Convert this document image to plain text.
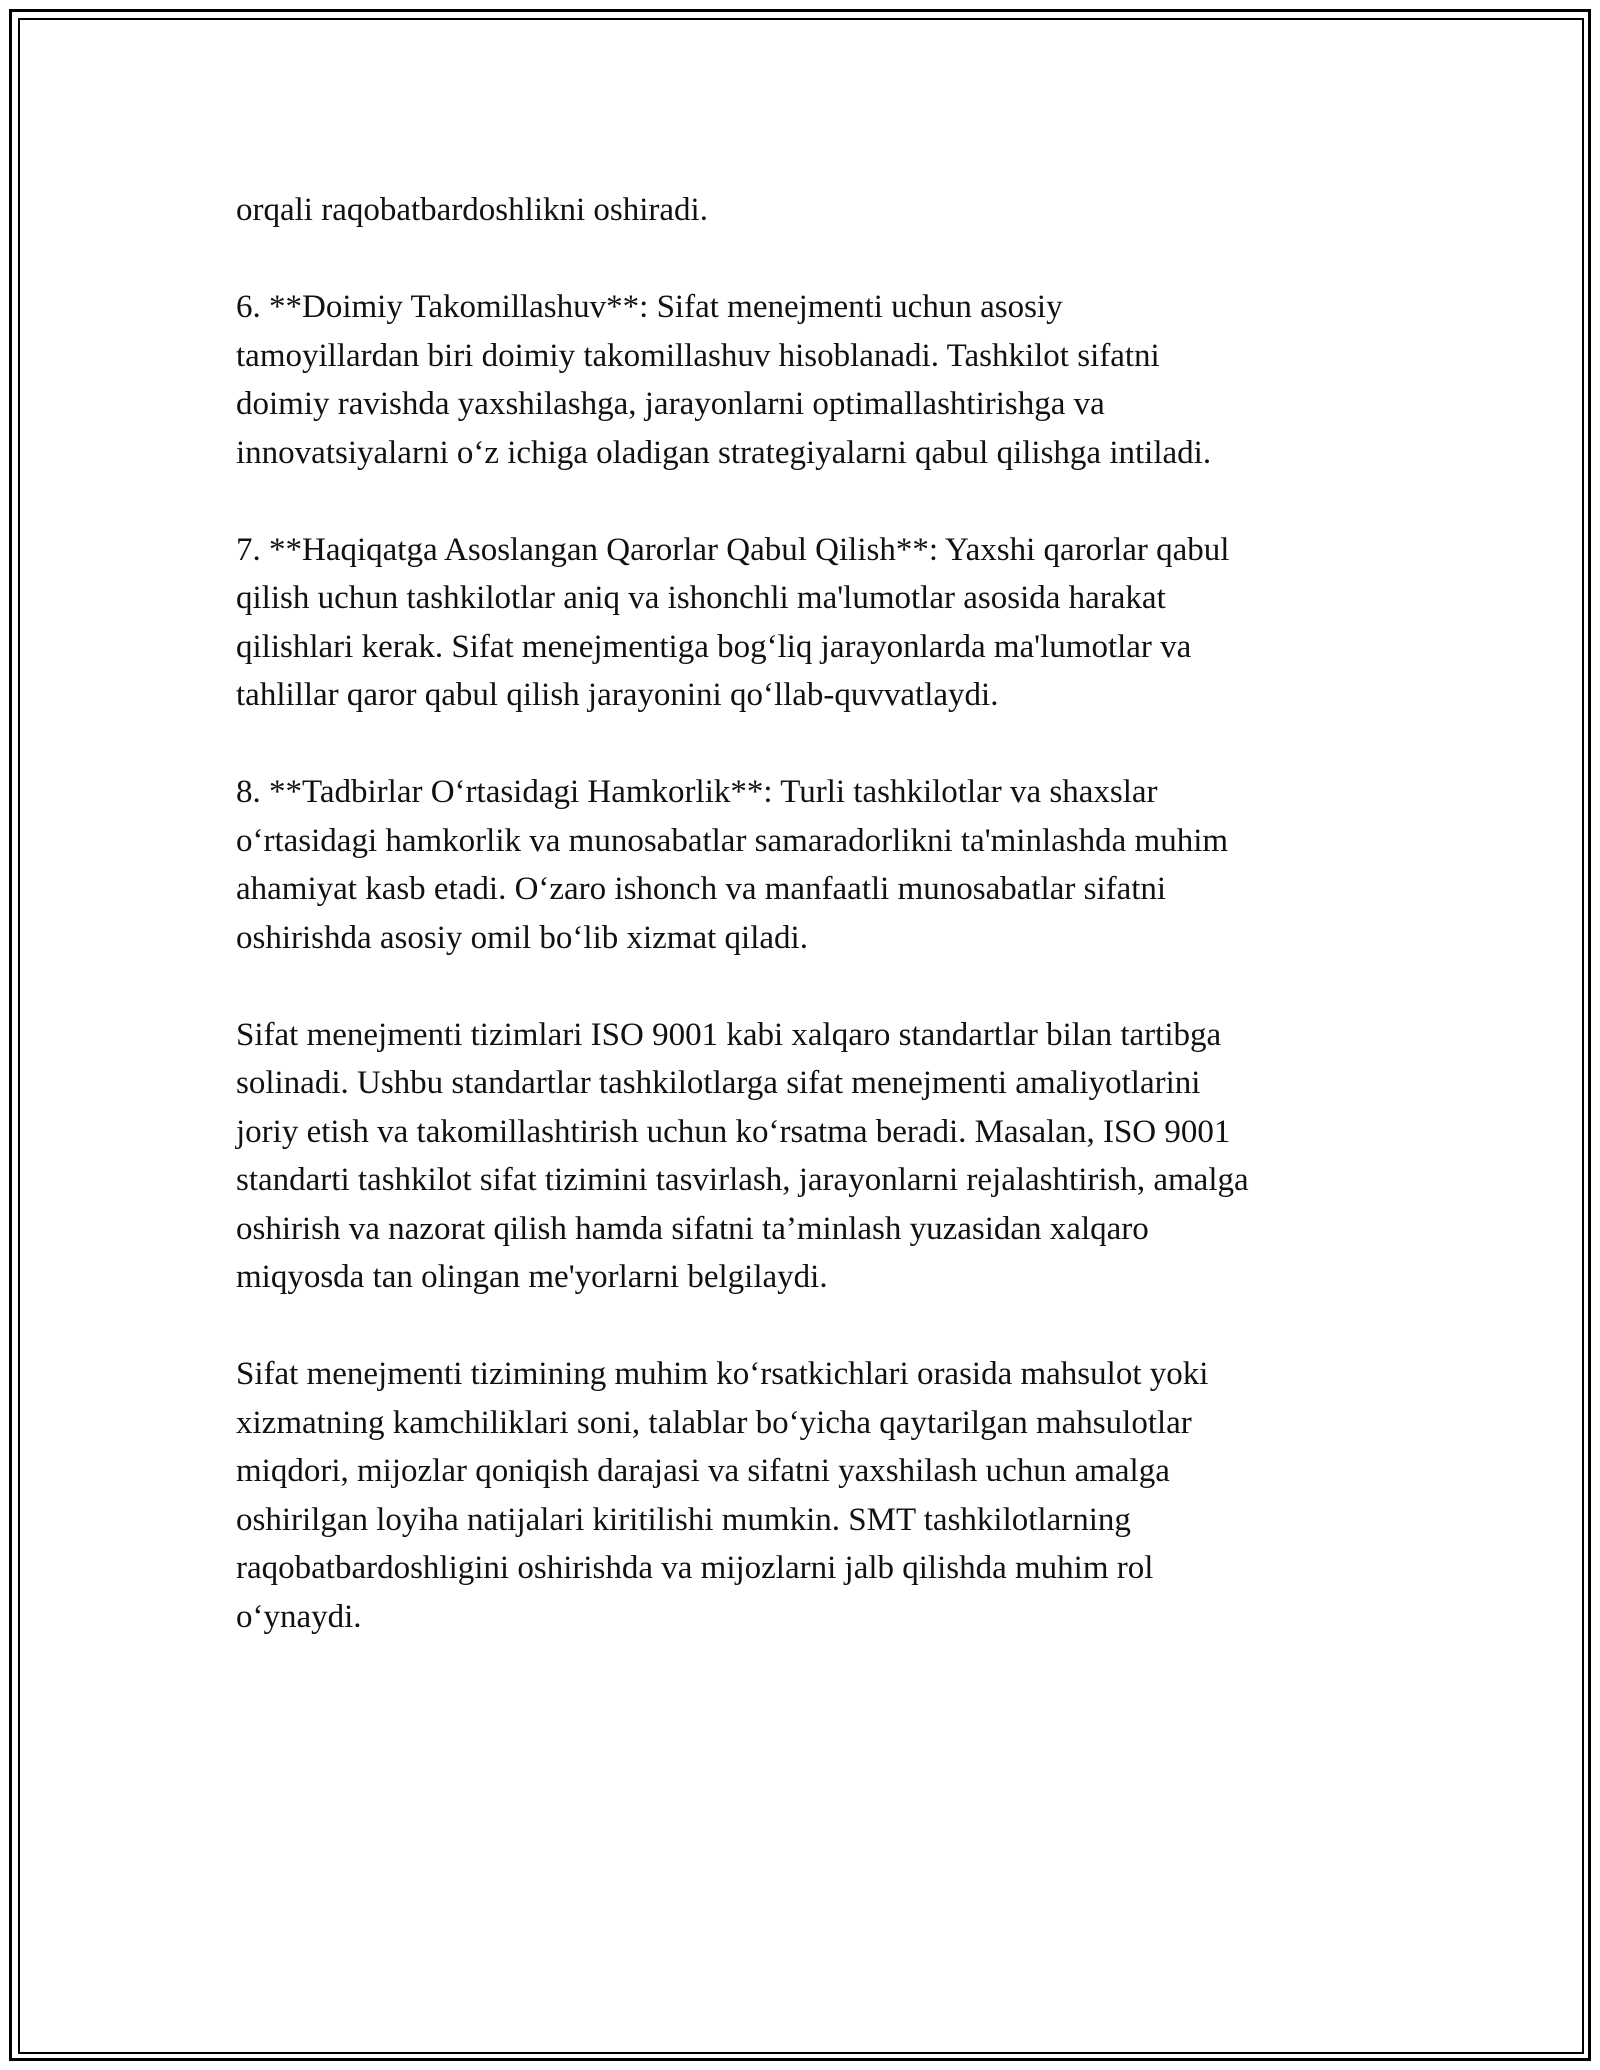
orqali raqobatbardoshlikni oshiradi.

6. **Doimiy Takomillashuv**: Sifat menejmenti uchun asosiy
tamoyillardan biri doimiy takomillashuv hisoblanadi. Tashkilot sifatni
doimiy ravishda yaxshilashga, jarayonlarni optimallashtirishga va
innovatsiyalarni o‘z ichiga oladigan strategiyalarni qabul qilishga intiladi.

7. **Haqiqatga Asoslangan Qarorlar Qabul Qilish**: Yaxshi qarorlar qabul
qilish uchun tashkilotlar aniq va ishonchli ma'lumotlar asosida harakat
qilishlari kerak. Sifat menejmentiga bog‘liq jarayonlarda ma'lumotlar va
tahlillar qaror qabul qilish jarayonini qo‘llab-quvvatlaydi.

8. **Tadbirlar O‘rtasidagi Hamkorlik**: Turli tashkilotlar va shaxslar
o‘rtasidagi hamkorlik va munosabatlar samaradorlikni ta'minlashda muhim
ahamiyat kasb etadi. O‘zaro ishonch va manfaatli munosabatlar sifatni
oshirishda asosiy omil bo‘lib xizmat qiladi.

Sifat menejmenti tizimlari ISO 9001 kabi xalqaro standartlar bilan tartibga
solinadi. Ushbu standartlar tashkilotlarga sifat menejmenti amaliyotlarini
joriy etish va takomillashtirish uchun ko‘rsatma beradi. Masalan, ISO 9001
standarti tashkilot sifat tizimini tasvirlash, jarayonlarni rejalashtirish, amalga
oshirish va nazorat qilish hamda sifatni ta’minlash yuzasidan xalqaro
miqyosda tan olingan me'yorlarni belgilaydi.

Sifat menejmenti tizimining muhim ko‘rsatkichlari orasida mahsulot yoki
xizmatning kamchiliklari soni, talablar bo‘yicha qaytarilgan mahsulotlar
miqdori, mijozlar qoniqish darajasi va sifatni yaxshilash uchun amalga
oshirilgan loyiha natijalari kiritilishi mumkin. SMT tashkilotlarning
raqobatbardoshligini oshirishda va mijozlarni jalb qilishda muhim rol
o‘ynaydi.
